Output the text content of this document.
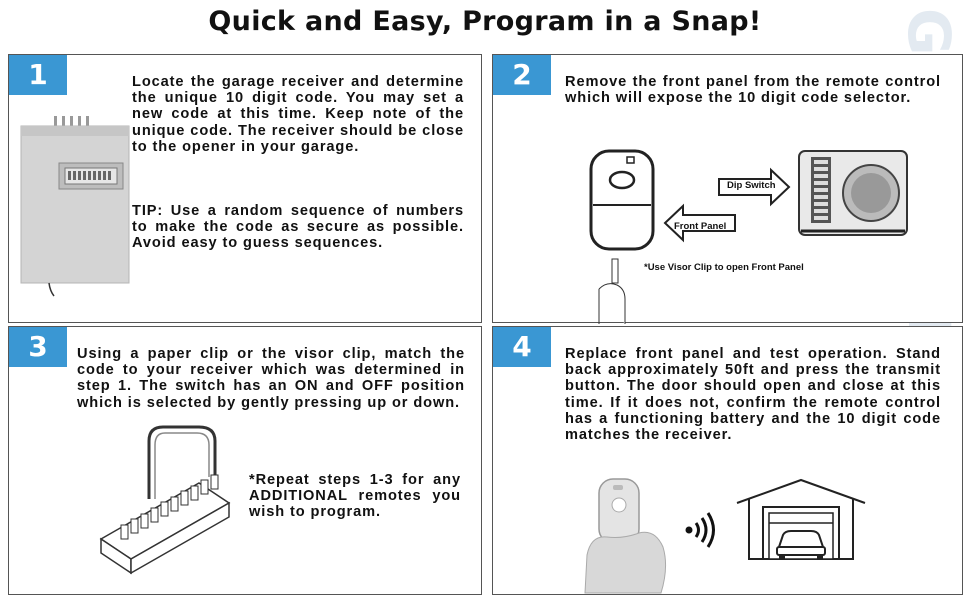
Quick and Easy, Program in a Snap!
1	Locate the garage receiver and determine the unique 10 digit code. You may set a new code at this time. Keep note of the unique code. The receiver should be close to the opener in your garage.

TIP: Use a random sequence of numbers to make the code as secure as possible. Avoid easy to guess sequences.

2	Remove the front panel from the remote control which will expose the 10 digit code selector.

Front Panel
Dip Switch
*Use Visor Clip to open Front Panel
3	Using a paper clip or the visor clip, match the code to your receiver which was determined in step 1. The switch has an ON and OFF position which is selected by gently pressing up or down.

*Repeat steps 1-3 for any ADDITIONAL remotes you wish to program.

4	Replace front panel and test operation. Stand back approximately 50ft and press the transmit button. The door should open and close at this time. If it does not, confirm the remote control has a functioning battery and the 10 digit code matches the receiver.
